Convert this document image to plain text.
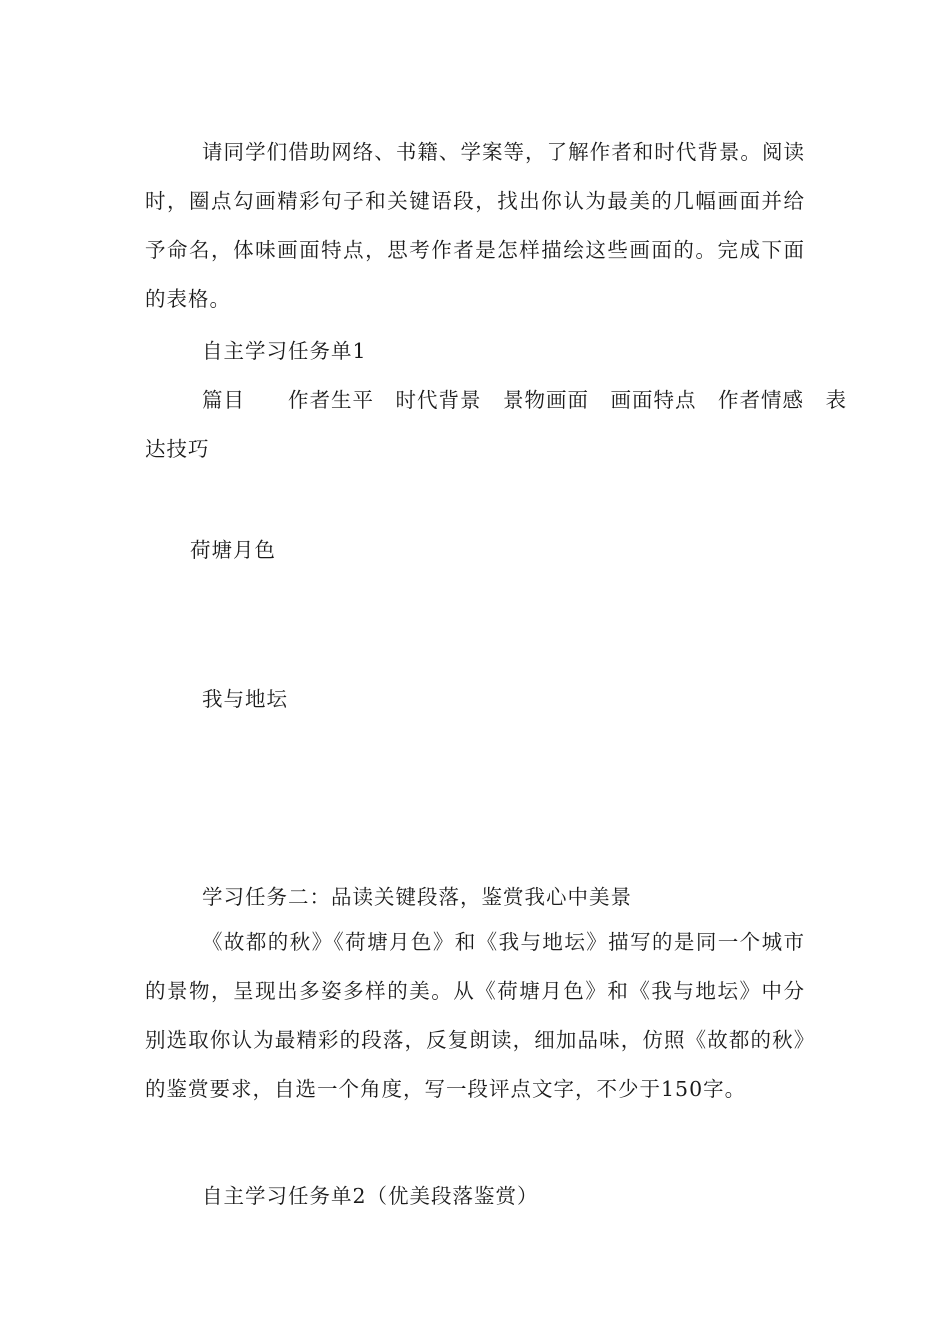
请同学们借助网络、书籍、学案等，了解作者和时代背景。阅读时，圈点勾画精彩句子和关键语段，找出你认为最美的几幅画面并给予命名，体味画面特点，思考作者是怎样描绘这些画面的。完成下面的表格。

自主学习任务单1

篇目　　作者生平　时代背景　景物画面　画面特点　作者情感　表

达技巧

荷塘月色
我与地坛

学习任务二：品读关键段落，鉴赏我心中美景

《故都的秋》《荷塘月色》和《我与地坛》描写的是同一个城市的景物，呈现出多姿多样的美。从《荷塘月色》和《我与地坛》中分别选取你认为最精彩的段落，反复朗读，细加品味，仿照《故都的秋》的鉴赏要求，自选一个角度，写一段评点文字，不少于150字。

自主学习任务单2（优美段落鉴赏）
